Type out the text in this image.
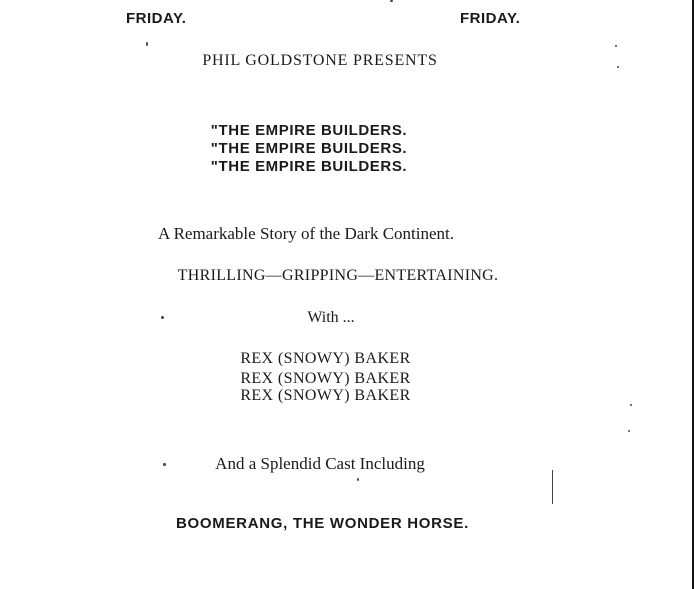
FRIDAY.	FRIDAY.
PHIL GOLDSTONE PRESENTS
"THE EMPIRE BUILDERS.
"THE EMPIRE BUILDERS.
"THE EMPIRE BUILDERS.
A Remarkable Story of the Dark Continent.
THRILLING—GRIPPING—ENTERTAINING.
With ...
REX (SNOWY) BAKER
REX (SNOWY) BAKER
REX (SNOWY) BAKER
And a Splendid Cast Including
BOOMERANG, THE WONDER HORSE.
